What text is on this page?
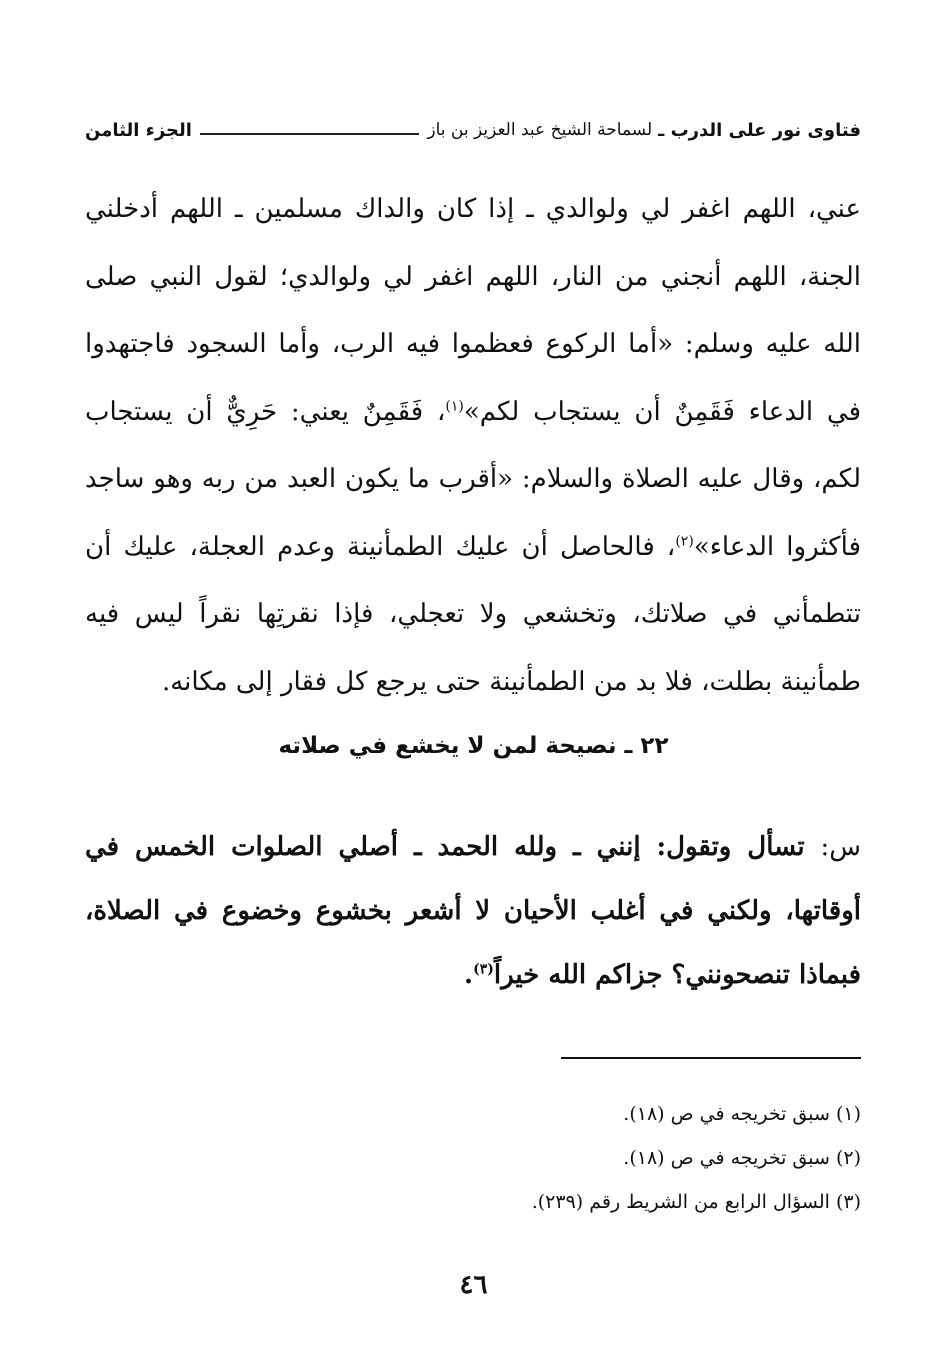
فتاوى نور على الدرب ـ
لسماحة الشيخ عبد العزيز بن باز
الجزء الثامن
عني، اللهم اغفر لي ولوالدي ـ إذا كان والداك مسلمين ـ اللهم أدخلني الجنة، اللهم أنجني من النار، اللهم اغفر لي ولوالدي؛ لقول النبي صلى الله عليه وسلم: «أما الركوع فعظموا فيه الرب، وأما السجود فاجتهدوا في الدعاء فَقَمِنٌ أن يستجاب لكم»$^{(١)}$، فَقَمِنٌ يعني: حَرِيٌّ أن يستجاب لكم، وقال عليه الصلاة والسلام: «أقرب ما يكون العبد من ربه وهو ساجد فأكثروا الدعاء»$^{(٢)}$، فالحاصل أن عليك الطمأنينة وعدم العجلة، عليك أن تتطمأني في صلاتك، وتخشعي ولا تعجلي، فإذا نقرتِها نقراً ليس فيه طمأنينة بطلت، فلا بد من الطمأنينة حتى يرجع كل فقار إلى مكانه.
٢٢ ـ نصيحة لمن لا يخشع في صلاته
س: تسأل وتقول: إنني ـ ولله الحمد ـ أصلي الصلوات الخمس في أوقاتها، ولكني في أغلب الأحيان لا أشعر بخشوع وخضوع في الصلاة، فبماذا تنصحونني؟ جزاكم الله خيراً$^{(٣)}$.
(١) سبق تخريجه في ص (١٨).
(٢) سبق تخريجه في ص (١٨).
(٣) السؤال الرابع من الشريط رقم (٢٣٩).
٤٦
